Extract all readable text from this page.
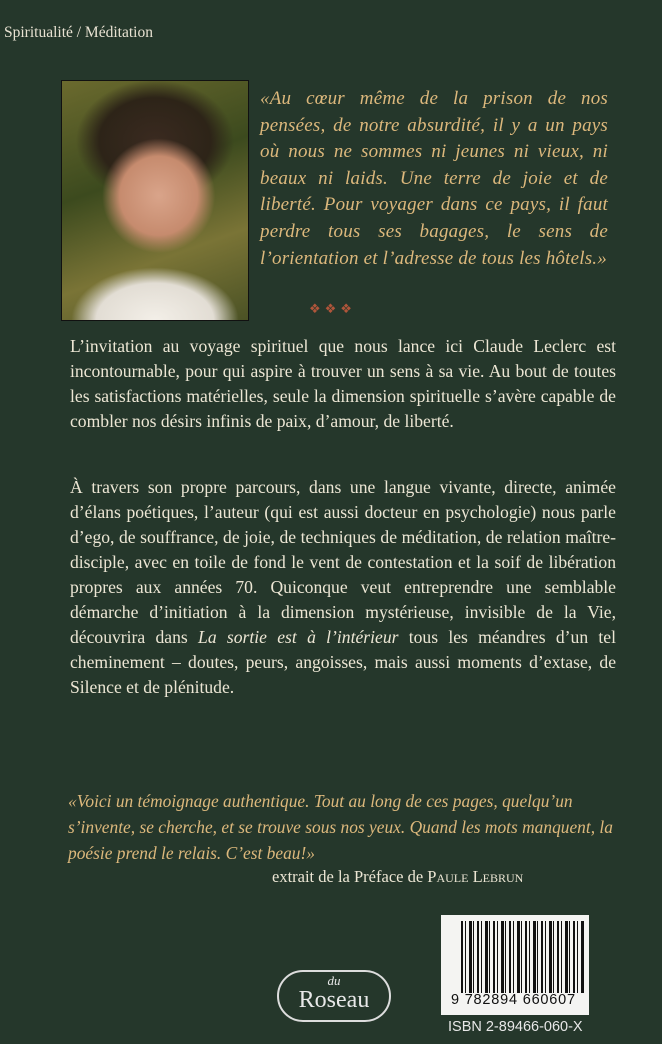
Spiritualité / Méditation
«Au cœur même de la prison de nos pensées, de notre absurdité, il y a un pays où nous ne sommes ni jeunes ni vieux, ni beaux ni laids. Une terre de joie et de liberté. Pour voyager dans ce pays, il faut perdre tous ses bagages, le sens de l’orientation et l’adresse de tous les hôtels.»
❖❖❖
L’invitation au voyage spirituel que nous lance ici Claude Leclerc est incontournable, pour qui aspire à trouver un sens à sa vie. Au bout de toutes les satisfactions matérielles, seule la dimension spirituelle s’avère capable de combler nos désirs infinis de paix, d’amour, de liberté.
À travers son propre parcours, dans une langue vivante, directe, animée d’élans poétiques, l’auteur (qui est aussi docteur en psychologie) nous parle d’ego, de souffrance, de joie, de techniques de méditation, de relation maître-disciple, avec en toile de fond le vent de contestation et la soif de libération propres aux années 70. Quiconque veut entreprendre une semblable démarche d’initiation à la dimension mystérieuse, invisible de la Vie, découvrira dans La sortie est à l’intérieur tous les méandres d’un tel cheminement – doutes, peurs, angoisses, mais aussi moments d’extase, de Silence et de plénitude.
«Voici un témoignage authentique. Tout au long de ces pages, quelqu’un s’invente, se cherche, et se trouve sous nos yeux. Quand les mots manquent, la poésie prend le relais. C’est beau!»
extrait de la Préface de Paule Lebrun
du
Roseau	9 782894 660607
ISBN 2-89466-060-X
